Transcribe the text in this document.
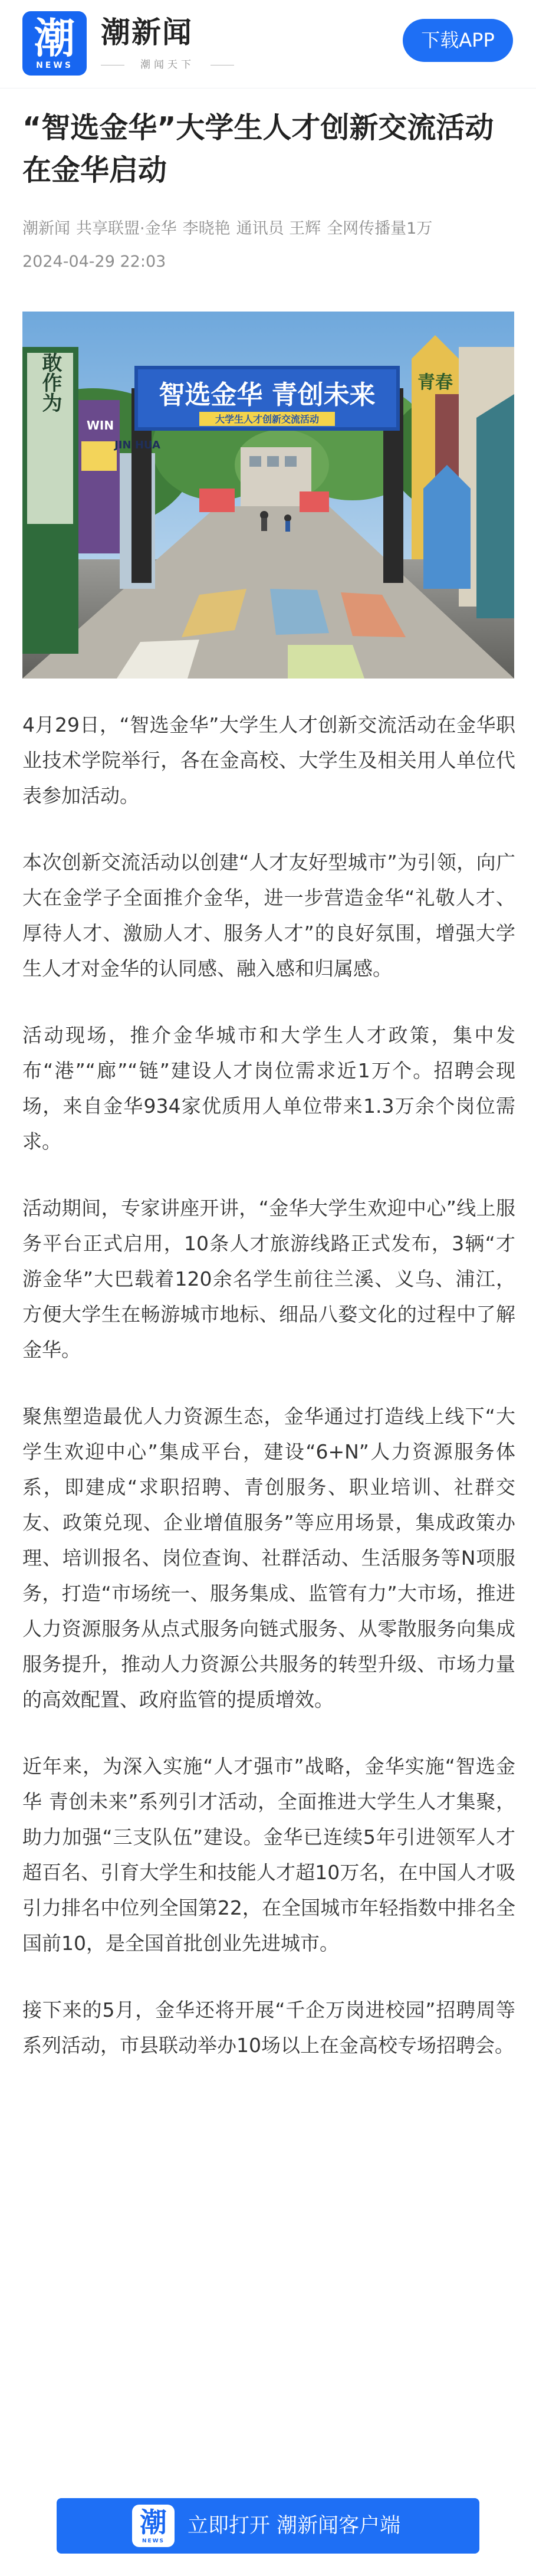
潮
NEWS
潮新闻
潮闻天下
下载APP
“智选金华”大学生人才创新交流活动在金华启动
潮新闻 共享联盟·金华 李晓艳 通讯员 王辉 全网传播量1万
2024-04-29 22:03
智选金华 青创未来
大学生人才创新交流活动
敢作为
WIN
JIN HUA
青春

4月29日，“智选金华”大学生人才创新交流活动在金华职业技术学院举行，各在金高校、大学生及相关用人单位代表参加活动。

本次创新交流活动以创建“人才友好型城市”为引领，向广大在金学子全面推介金华，进一步营造金华“礼敬人才、厚待人才、激励人才、服务人才”的良好氛围，增强大学生人才对金华的认同感、融入感和归属感。

活动现场，推介金华城市和大学生人才政策，集中发布“港”“廊”“链”建设人才岗位需求近1万个。招聘会现场，来自金华934家优质用人单位带来1.3万余个岗位需求。

活动期间，专家讲座开讲，“金华大学生欢迎中心”线上服务平台正式启用，10条人才旅游线路正式发布，3辆“才游金华”大巴载着120余名学生前往兰溪、义乌、浦江，方便大学生在畅游城市地标、细品八婺文化的过程中了解金华。

聚焦塑造最优人力资源生态，金华通过打造线上线下“大学生欢迎中心”集成平台，建设“6+N”人力资源服务体系，即建成“求职招聘、青创服务、职业培训、社群交友、政策兑现、企业增值服务”等应用场景，集成政策办理、培训报名、岗位查询、社群活动、生活服务等N项服务，打造“市场统一、服务集成、监管有力”大市场，推进人力资源服务从点式服务向链式服务、从零散服务向集成服务提升，推动人力资源公共服务的转型升级、市场力量的高效配置、政府监管的提质增效。

近年来，为深入实施“人才强市”战略，金华实施“智选金华 青创未来”系列引才活动，全面推进大学生人才集聚，助力加强“三支队伍”建设。金华已连续5年引进领军人才超百名、引育大学生和技能人才超10万名，在中国人才吸引力排名中位列全国第22，在全国城市年轻指数中排名全国前10，是全国首批创业先进城市。

接下来的5月，金华还将开展“千企万岗进校园”招聘周等系列活动，市县联动举办10场以上在金高校专场招聘会。

潮
NEWS
立即打开 潮新闻客户端
